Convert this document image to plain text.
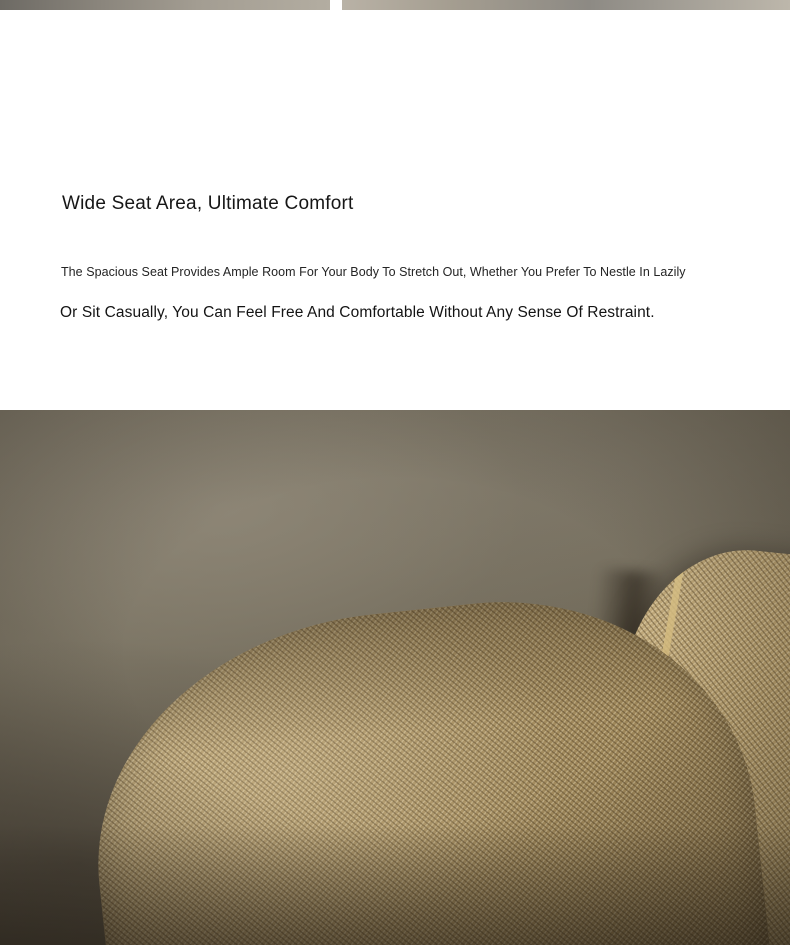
Wide Seat Area, Ultimate Comfort
The Spacious Seat Provides Ample Room For Your Body To Stretch Out, Whether You Prefer To Nestle In Lazily
Or Sit Casually, You Can Feel Free And Comfortable Without Any Sense Of Restraint.
